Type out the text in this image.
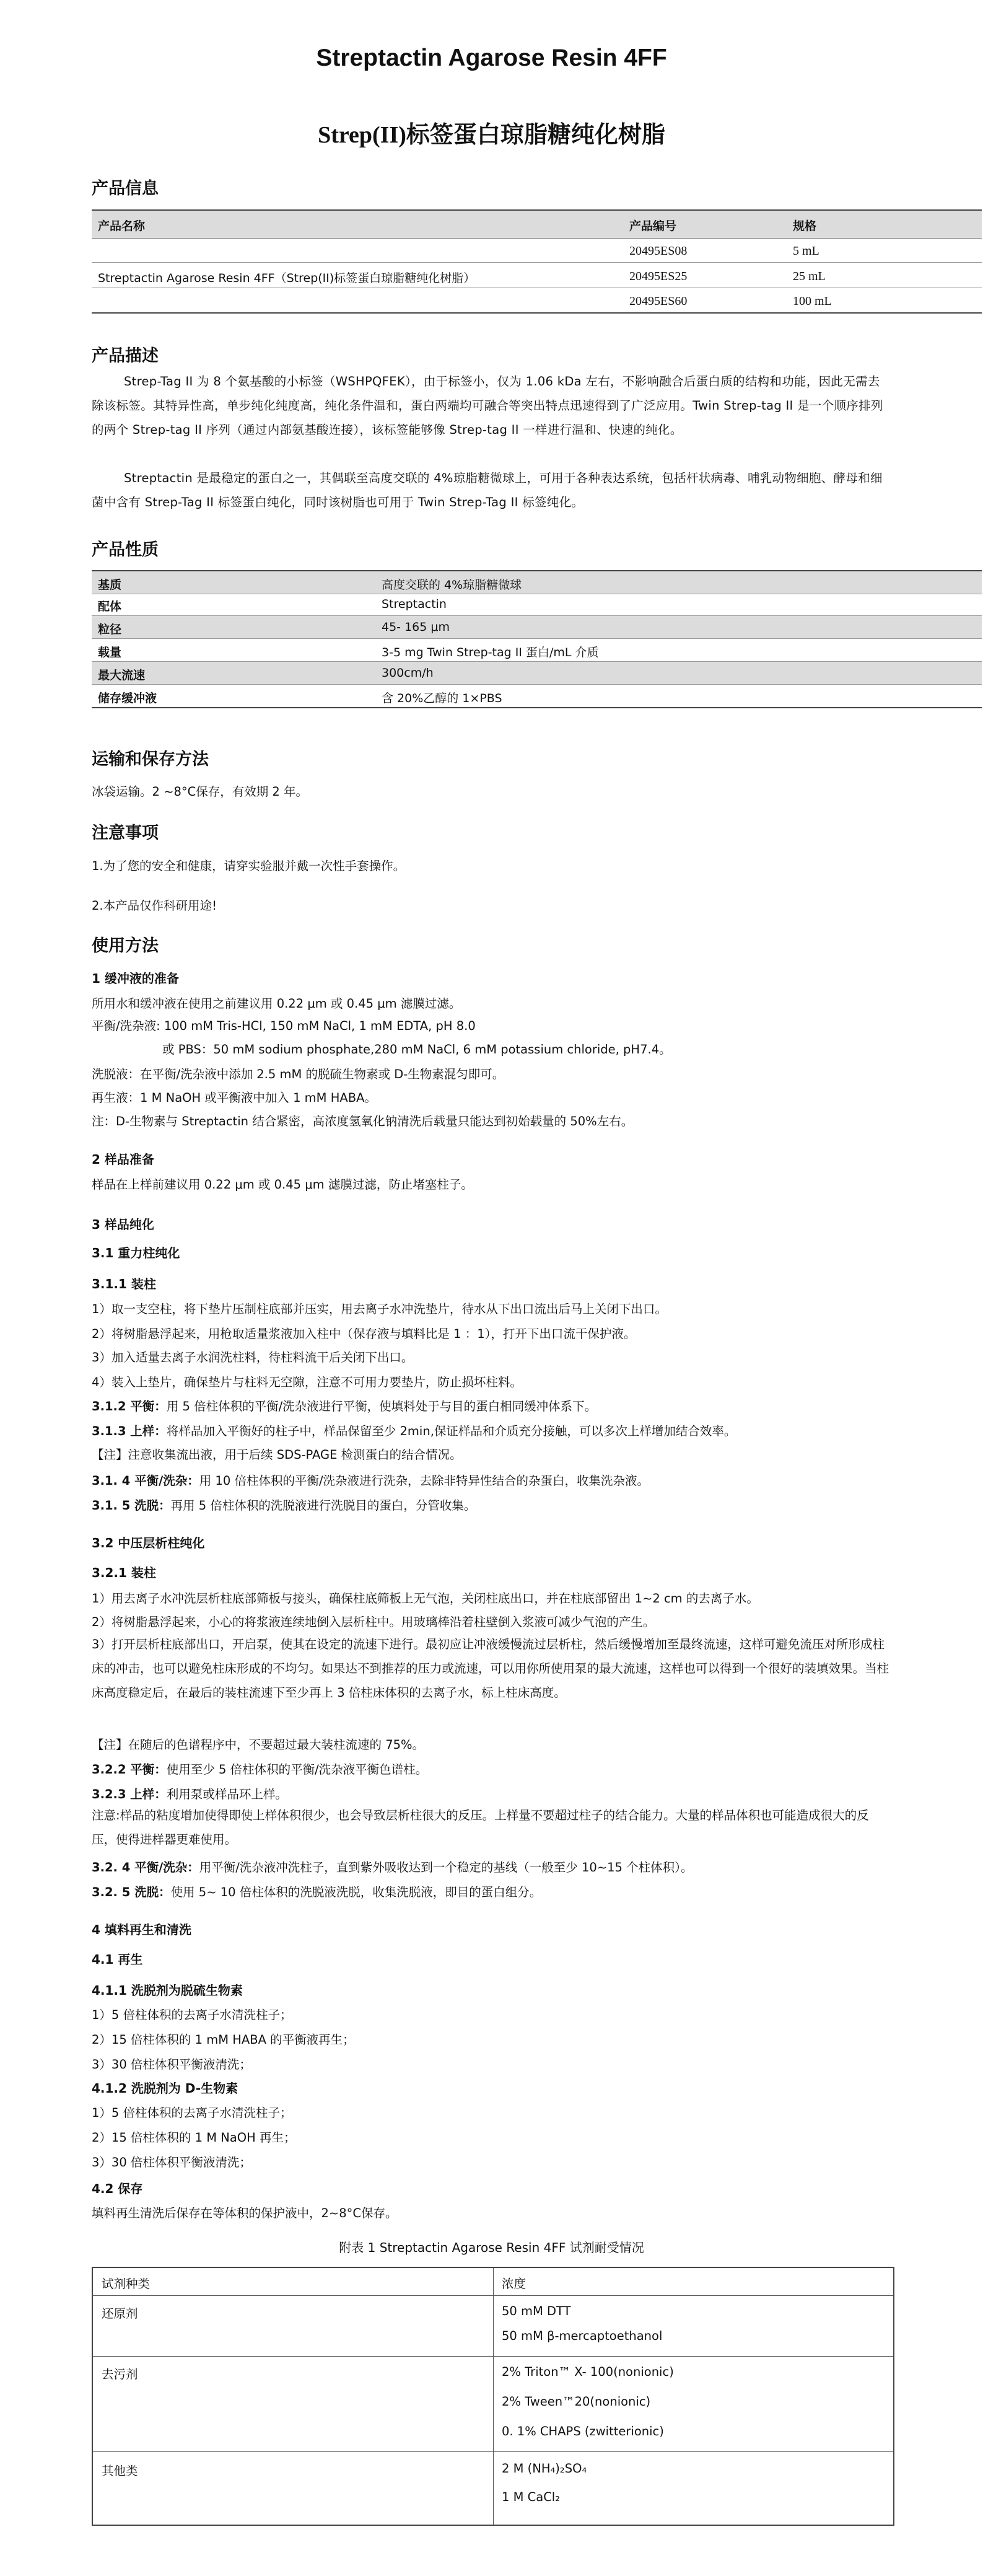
Streptactin Agarose Resin 4FF
Strep(II)标签蛋白琼脂糖纯化树脂
产品信息
产品名称	产品编号	规格
Streptactin Agarose Resin 4FF（Strep(II)标签蛋白琼脂糖纯化树脂）
20495ES08	5 mL
20495ES25	25 mL
20495ES60	100 mL
产品描述
Strep-Tag II 为 8 个氨基酸的小标签（WSHPQFEK），由于标签小，仅为 1.06 kDa 左右，不影响融合后蛋白质的结构和功能，因此无需去除该标签。其特异性高，单步纯化纯度高，纯化条件温和，蛋白两端均可融合等突出特点迅速得到了广泛应用。Twin Strep-tag II 是一个顺序排列的两个 Strep-tag II 序列（通过内部氨基酸连接），该标签能够像 Strep-tag II 一样进行温和、快速的纯化。
Streptactin 是最稳定的蛋白之一，其偶联至高度交联的 4%琼脂糖微球上，可用于各种表达系统，包括杆状病毒、哺乳动物细胞、酵母和细菌中含有 Strep-Tag II 标签蛋白纯化，同时该树脂也可用于 Twin Strep-Tag II 标签纯化。
产品性质
基质	高度交联的 4%琼脂糖微球
配体	Streptactin
粒径	45- 165 μm
载量	3-5 mg Twin Strep-tag II 蛋白/mL 介质
最大流速	300cm/h
储存缓冲液	含 20%乙醇的 1×PBS
运输和保存方法
冰袋运输。2 ~8°C保存，有效期 2 年。
注意事项
1.为了您的安全和健康，请穿实验服并戴一次性手套操作。
2.本产品仅作科研用途!
使用方法
1 缓冲液的准备
所用水和缓冲液在使用之前建议用 0.22 μm 或 0.45 μm 滤膜过滤。
平衡/洗杂液: 100 mM Tris-HCl, 150 mM NaCl, 1 mM EDTA, pH 8.0
或 PBS：50 mM sodium phosphate,280 mM NaCl, 6 mM potassium chloride, pH7.4。
洗脱液：在平衡/洗杂液中添加 2.5 mM 的脱硫生物素或 D-生物素混匀即可。
再生液：1 M NaOH 或平衡液中加入 1 mM HABA。
注：D-生物素与 Streptactin 结合紧密，高浓度氢氧化钠清洗后载量只能达到初始载量的 50%左右。
2 样品准备
样品在上样前建议用 0.22 μm 或 0.45 μm 滤膜过滤，防止堵塞柱子。
3 样品纯化
3.1 重力柱纯化
3.1.1 装柱
1）取一支空柱，将下垫片压制柱底部并压实，用去离子水冲洗垫片，待水从下出口流出后马上关闭下出口。
2）将树脂悬浮起来，用枪取适量浆液加入柱中（保存液与填料比是 1 ：1），打开下出口流干保护液。
3）加入适量去离子水润洗柱料，待柱料流干后关闭下出口。
4）装入上垫片，确保垫片与柱料无空隙，注意不可用力要垫片，防止损坏柱料。
3.1.2 平衡：用 5 倍柱体积的平衡/洗杂液进行平衡，使填料处于与目的蛋白相同缓冲体系下。
3.1.3 上样：将样品加入平衡好的柱子中，样品保留至少 2min,保证样品和介质充分接触，可以多次上样增加结合效率。
【注】注意收集流出液，用于后续 SDS-PAGE 检测蛋白的结合情况。
3.1. 4 平衡/洗杂：用 10 倍柱体积的平衡/洗杂液进行洗杂，去除非特异性结合的杂蛋白，收集洗杂液。
3.1. 5 洗脱：再用 5 倍柱体积的洗脱液进行洗脱目的蛋白，分管收集。
3.2 中压层析柱纯化
3.2.1 装柱
1）用去离子水冲洗层析柱底部筛板与接头，确保柱底筛板上无气泡，关闭柱底出口，并在柱底部留出 1~2 cm 的去离子水。
2）将树脂悬浮起来，小心的将浆液连续地倒入层析柱中。用玻璃棒沿着柱壁倒入浆液可减少气泡的产生。
3）打开层析柱底部出口，开启泵，使其在设定的流速下进行。最初应让冲液缓慢流过层析柱，然后缓慢增加至最终流速，这样可避免流压对所形成柱床的冲击，也可以避免柱床形成的不均匀。如果达不到推荐的压力或流速，可以用你所使用泵的最大流速，这样也可以得到一个很好的装填效果。当柱床高度稳定后，在最后的装柱流速下至少再上 3 倍柱床体积的去离子水，标上柱床高度。
【注】在随后的色谱程序中，不要超过最大装柱流速的 75%。
3.2.2 平衡：使用至少 5 倍柱体积的平衡/洗杂液平衡色谱柱。
3.2.3 上样：利用泵或样品环上样。
注意:样品的粘度增加使得即使上样体积很少，也会导致层析柱很大的反压。上样量不要超过柱子的结合能力。大量的样品体积也可能造成很大的反压，使得进样器更难使用。
3.2. 4 平衡/洗杂：用平衡/洗杂液冲洗柱子，直到紫外吸收达到一个稳定的基线（一般至少 10~15 个柱体积）。
3.2. 5 洗脱：使用 5~ 10 倍柱体积的洗脱液洗脱，收集洗脱液，即目的蛋白组分。
4 填料再生和清洗
4.1 再生
4.1.1 洗脱剂为脱硫生物素
1）5 倍柱体积的去离子水清洗柱子；
2）15 倍柱体积的 1 mM HABA 的平衡液再生；
3）30 倍柱体积平衡液清洗；
4.1.2 洗脱剂为 D-生物素
1）5 倍柱体积的去离子水清洗柱子；
2）15 倍柱体积的 1 M NaOH 再生；
3）30 倍柱体积平衡液清洗；
4.2 保存
填料再生清洗后保存在等体积的保护液中，2~8°C保存。
附表 1 Streptactin Agarose Resin 4FF 试剂耐受情况
试剂种类	浓度
还原剂	50 mM DTT
50 mM β-mercaptoethanol
去污剂	2% Triton™ X- 100(nonionic)
2% Tween™20(nonionic)
0. 1% CHAPS (zwitterionic)
其他类	2 M (NH₄)₂SO₄
1 M CaCl₂
